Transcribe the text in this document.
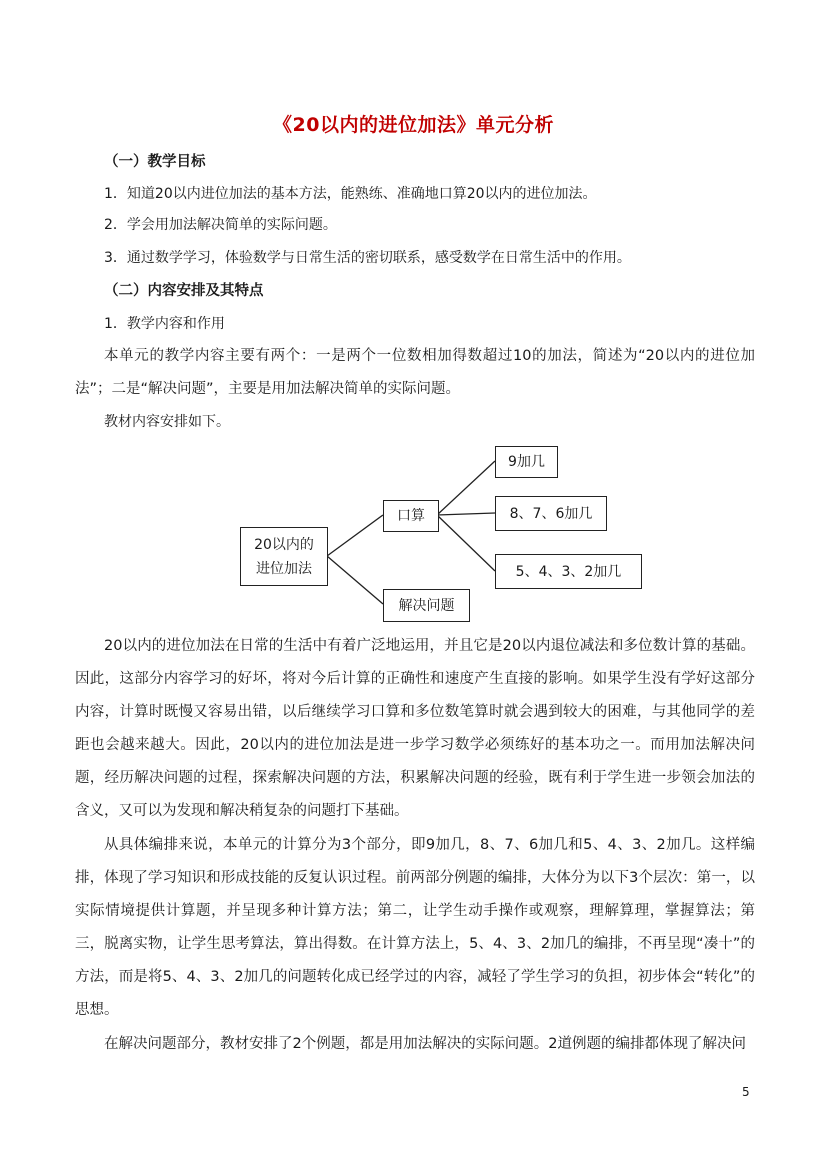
《20以内的进位加法》单元分析
（一）教学目标
1．知道20以内进位加法的基本方法，能熟练、准确地口算20以内的进位加法。
2．学会用加法解决简单的实际问题。
3．通过数学学习，体验数学与日常生活的密切联系，感受数学在日常生活中的作用。
（二）内容安排及其特点
1．教学内容和作用

本单元的教学内容主要有两个：一是两个一位数相加得数超过10的加法，简述为“20以内的进位加法”；二是“解决问题”，主要是用加法解决简单的实际问题。

教材内容安排如下。
20以内的
进位加法
口算
解决问题
9加几
8、7、6加几
5、4、3、2加几

20以内的进位加法在日常的生活中有着广泛地运用，并且它是20以内退位减法和多位数计算的基础。因此，这部分内容学习的好坏，将对今后计算的正确性和速度产生直接的影响。如果学生没有学好这部分内容，计算时既慢又容易出错，以后继续学习口算和多位数笔算时就会遇到较大的困难，与其他同学的差距也会越来越大。因此，20以内的进位加法是进一步学习数学必须练好的基本功之一。而用加法解决问题，经历解决问题的过程，探索解决问题的方法，积累解决问题的经验，既有利于学生进一步领会加法的含义，又可以为发现和解决稍复杂的问题打下基础。

从具体编排来说，本单元的计算分为3个部分，即9加几，8、7、6加几和5、4、3、2加几。这样编排，体现了学习知识和形成技能的反复认识过程。前两部分例题的编排，大体分为以下3个层次：第一，以实际情境提供计算题，并呈现多种计算方法；第二，让学生动手操作或观察，理解算理，掌握算法；第三，脱离实物，让学生思考算法，算出得数。在计算方法上，5、4、3、2加几的编排，不再呈现“凑十”的方法，而是将5、4、3、2加几的问题转化成已经学过的内容，减轻了学生学习的负担，初步体会“转化”的思想。

在解决问题部分，教材安排了2个例题，都是用加法解决的实际问题。2道例题的编排都体现了解决问

5
